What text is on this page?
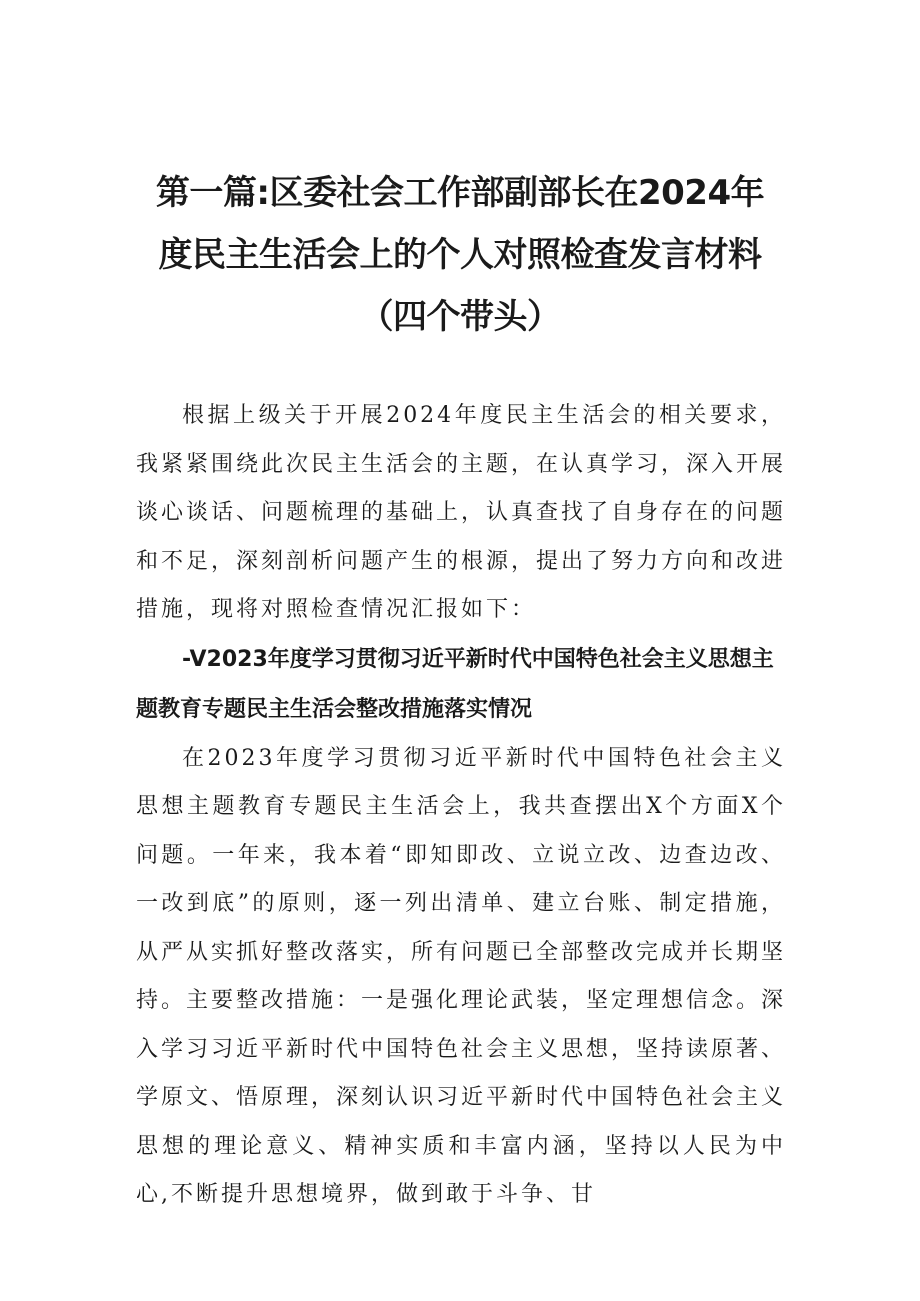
第一篇:区委社会工作部副部长在2024年
度民主生活会上的个人对照检查发言材料
（四个带头）

根据上级关于开展2024年度民主生活会的相关要求，我紧紧围绕此次民主生活会的主题，在认真学习，深入开展谈心谈话、问题梳理的基础上，认真查找了自身存在的问题和不足，深刻剖析问题产生的根源，提出了努力方向和改进措施，现将对照检查情况汇报如下：

-V2023年度学习贯彻习近平新时代中国特色社会主义思想主题教育专题民主生活会整改措施落实情况

在2023年度学习贯彻习近平新时代中国特色社会主义思想主题教育专题民主生活会上，我共查摆出X个方面X个问题。一年来，我本着“即知即改、立说立改、边查边改、一改到底”的原则，逐一列出清单、建立台账、制定措施，从严从实抓好整改落实，所有问题已全部整改完成并长期坚持。主要整改措施：一是强化理论武装，坚定理想信念。深入学习习近平新时代中国特色社会主义思想，坚持读原著、学原文、悟原理，深刻认识习近平新时代中国特色社会主义思想的理论意义、精神实质和丰富内涵，坚持以人民为中心,不断提升思想境界，做到敢于斗争、甘
